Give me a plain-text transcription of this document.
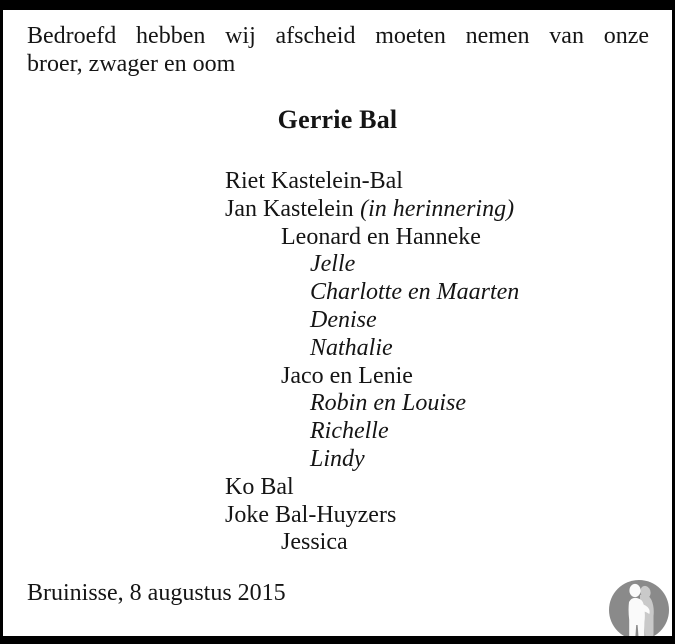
Bedroefd hebben wij afscheid moeten nemen van onze
broer, zwager en oom
Gerrie Bal
Riet Kastelein-Bal
Jan Kastelein (in herinnering)
Leonard en Hanneke
Jelle
Charlotte en Maarten
Denise
Nathalie
Jaco en Lenie
Robin en Louise
Richelle
Lindy
Ko Bal
Joke Bal-Huyzers
Jessica
Bruinisse, 8 augustus 2015
